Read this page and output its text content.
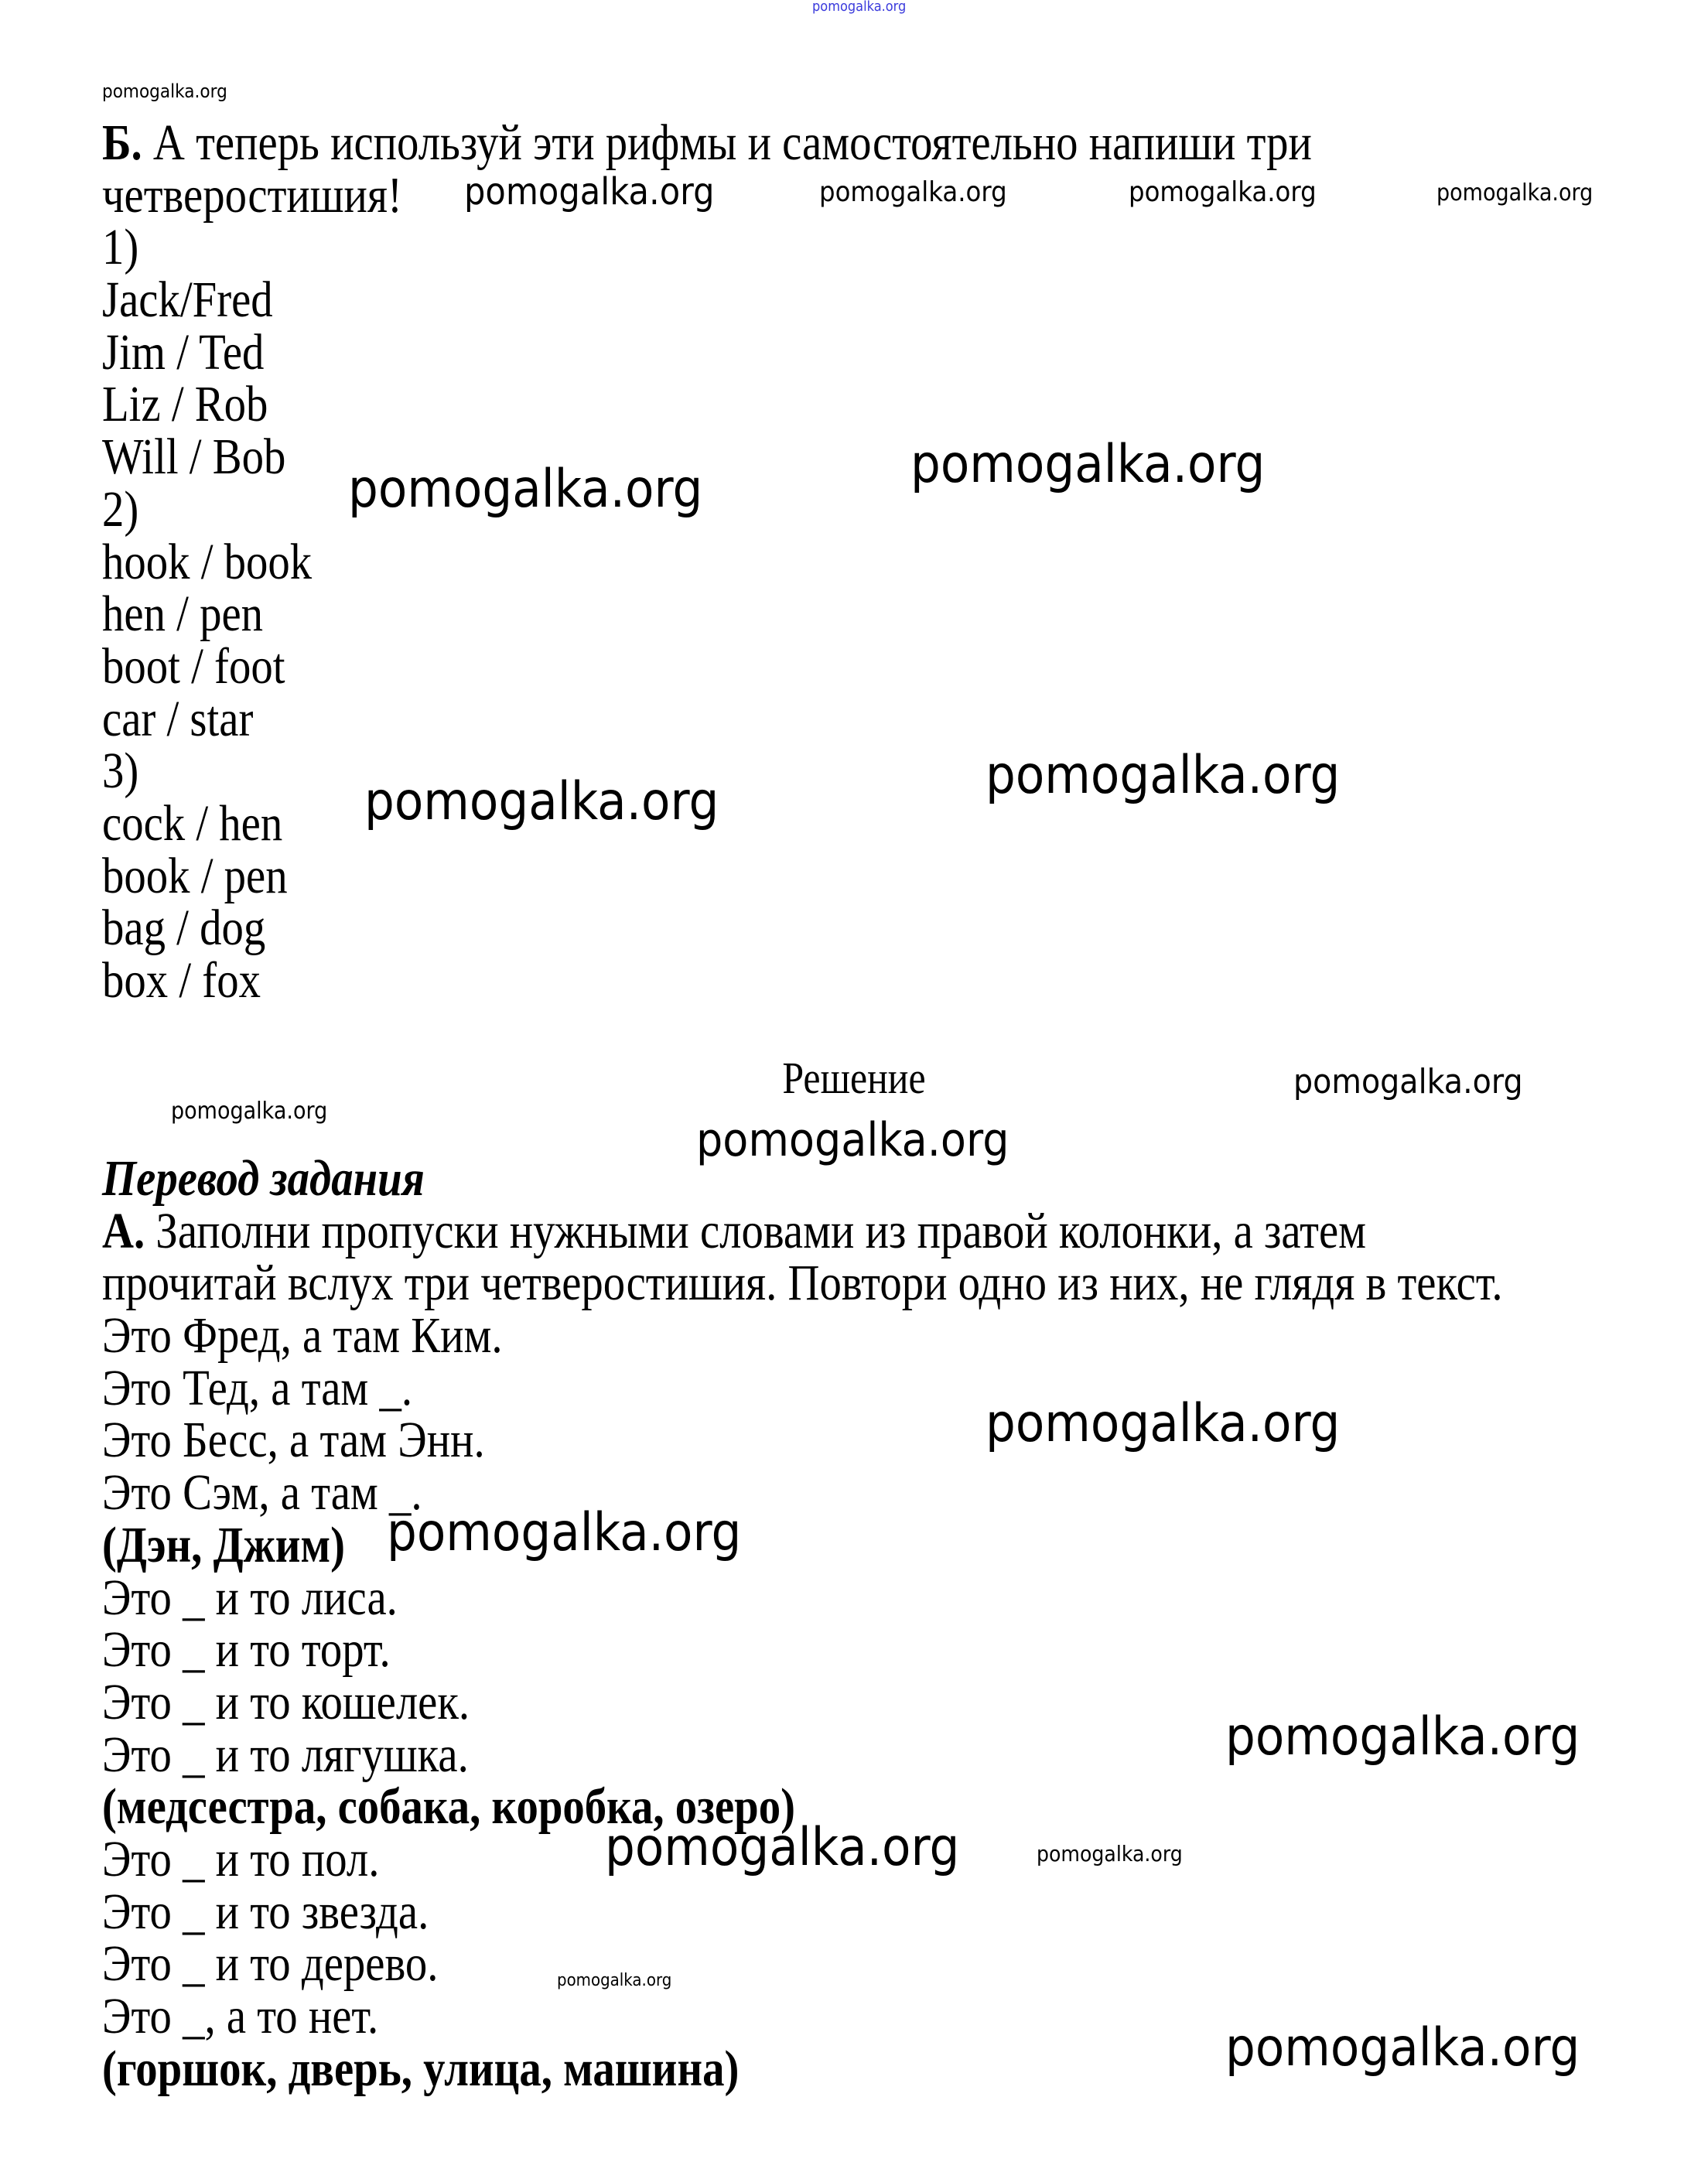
Б. А теперь используй эти рифмы и самостоятельно напиши три
четверостишия!
1)
Jack/Fred
Jim / Ted
Liz / Rob
Will / Bob
2)
hook / book
hen / pen
boot / foot
car / star
3)
cock / hen
book / pen
bag / dog
box / fox
Решение
Перевод задания
А. Заполни пропуски нужными словами из правой колонки, а затем
прочитай вслух три четверостишия. Повтори одно из них, не глядя в текст.
Это Фред, а там Ким.
Это Тед, а там _.
Это Бесс, а там Энн.
Это Сэм, а там _.
(Дэн, Джим)
Это _ и то лиса.
Это _ и то торт.
Это _ и то кошелек.
Это _ и то лягушка.
(медсестра, собака, коробка, озеро)
Это _ и то пол.
Это _ и то звезда.
Это _ и то дерево.
Это _, а то нет.
(горшок, дверь, улица, машина)
pomogalka.org
pomogalka.org
pomogalka.org	pomogalka.org	pomogalka.org	pomogalka.org
pomogalka.org	pomogalka.org
pomogalka.org	pomogalka.org
pomogalka.org
pomogalka.org
pomogalka.org
pomogalka.org
pomogalka.org
pomogalka.org
pomogalka.org
pomogalka.org
pomogalka.org
pomogalka.org
